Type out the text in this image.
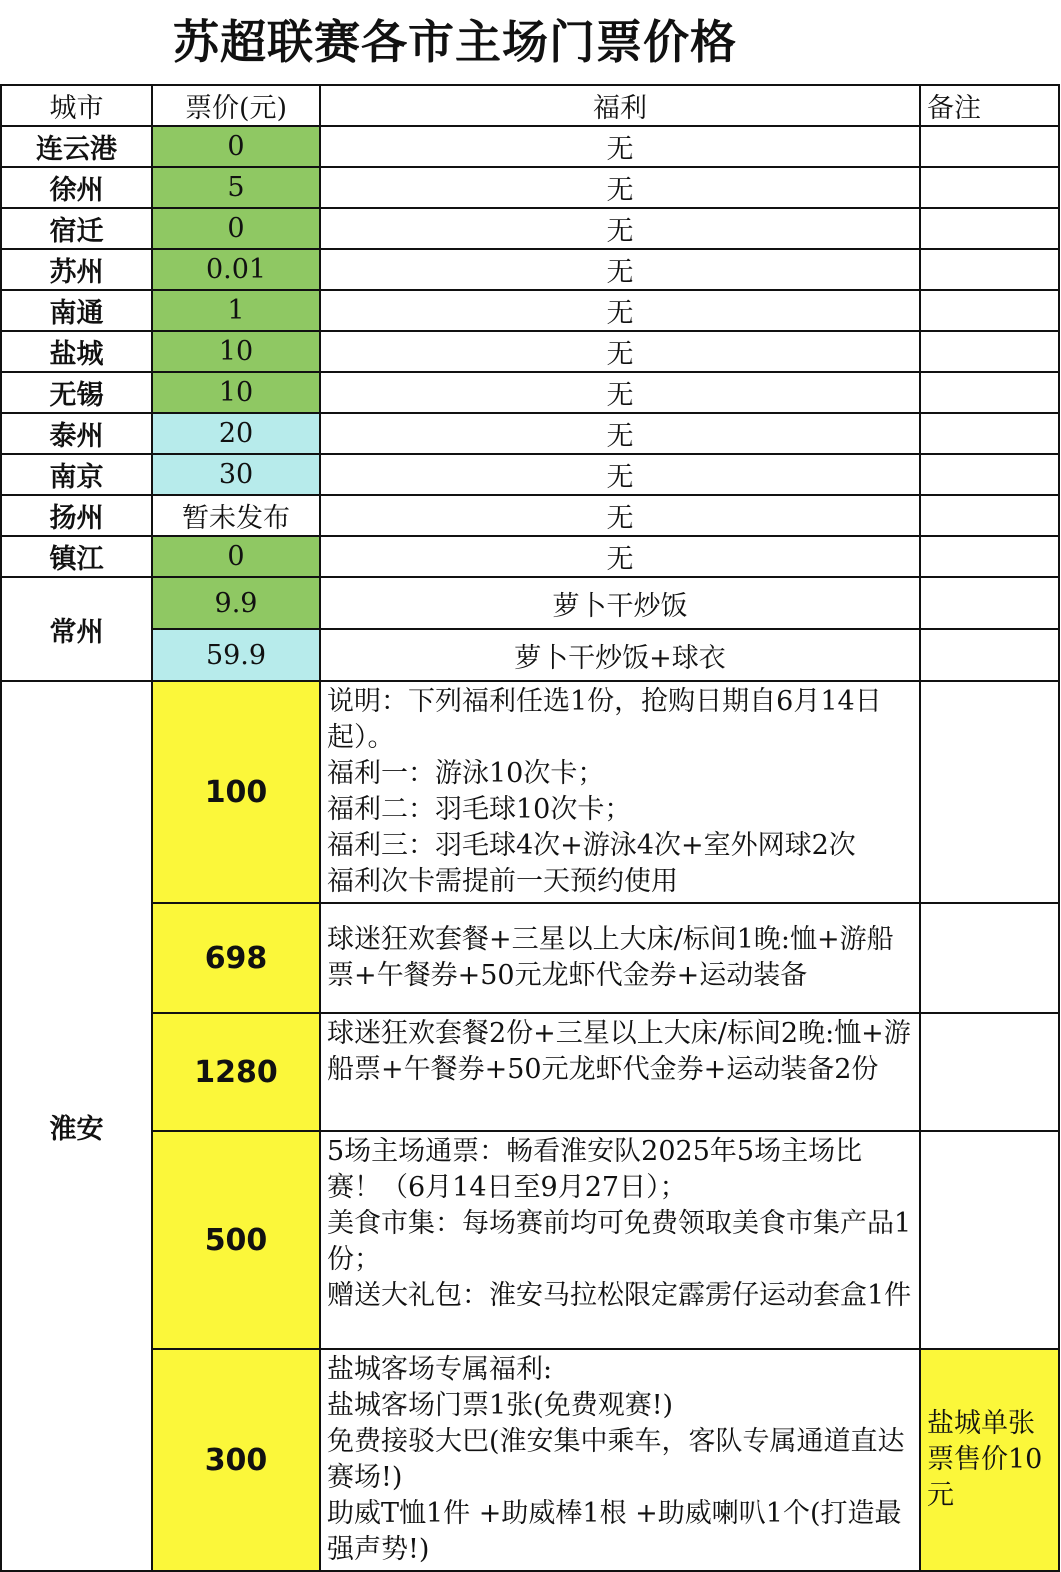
苏超联赛各市主场门票价格
城市	票价(元)	福利	备注
连云港	0	无	
徐州	5	无	
宿迁	0	无	
苏州	0.01	无	
南通	1	无	
盐城	10	无	
无锡	10	无	
泰州	20	无	
南京	30	无	
扬州	暂未发布	无	
镇江	0	无	
常州	9.9	萝卜干炒饭	
	59.9	萝卜干炒饭+球衣	
淮安	100	说明：下列福利任选1份，抢购日期自6月14日起）。
福利一：游泳10次卡；
福利二：羽毛球10次卡；
福利三：羽毛球4次+游泳4次+室外网球2次
福利次卡需提前一天预约使用	

	698	球迷狂欢套餐+三星以上大床/标间1晚:恤+游船票+午餐券+50元龙虾代金券+运动装备	

	1280	球迷狂欢套餐2份+三星以上大床/标间2晚:恤+游船票+午餐券+50元龙虾代金券+运动装备2份	

	500	5场主场通票：畅看淮安队2025年5场主场比赛！（6月14日至9月27日）；
美食市集：每场赛前均可免费领取美食市集产品1份；
赠送大礼包：淮安马拉松限定霹雳仔运动套盒1件	

	300	盐城客场专属福利:
盐城客场门票1张(免费观赛!)
免费接驳大巴(淮安集中乘车，客队专属通道直达赛场!)
助威T恤1件 +助威棒1根 +助威喇叭1个(打造最强声势!)	盐城单张票售价10元
